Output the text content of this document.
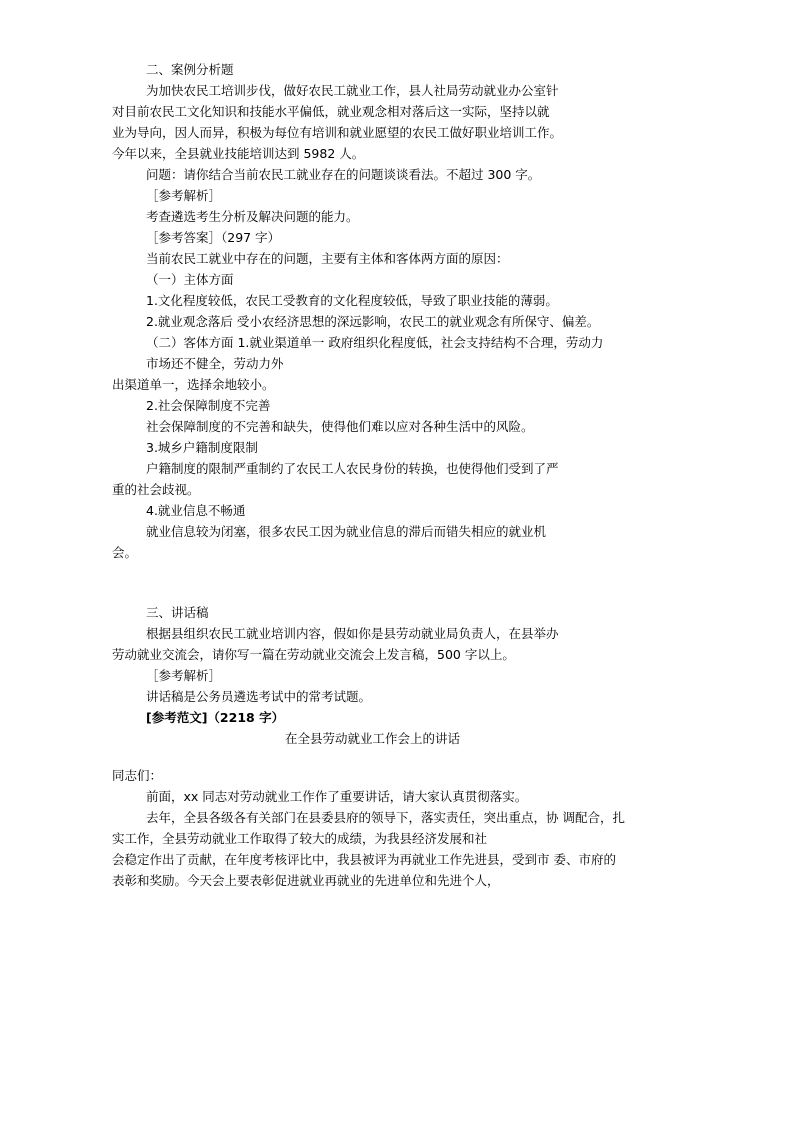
二、案例分析题

为加快农民工培训步伐，做好农民工就业工作，县人社局劳动就业办公室针

对目前农民工文化知识和技能水平偏低，就业观念相对落后这一实际，坚持以就

业为导向，因人而异，积极为每位有培训和就业愿望的农民工做好职业培训工作。

今年以来，全县就业技能培训达到 5982 人。

问题：请你结合当前农民工就业存在的问题谈谈看法。不超过 300 字。

［参考解析］

考查遴选考生分析及解决问题的能力。

［参考答案］（297 字）

当前农民工就业中存在的问题，主要有主体和客体两方面的原因：

（一）主体方面

1.文化程度较低，农民工受教育的文化程度较低，导致了职业技能的薄弱。

2.就业观念落后 受小农经济思想的深远影响，农民工的就业观念有所保守、偏差。

（二）客体方面 1.就业渠道单一 政府组织化程度低，社会支持结构不合理，劳动力

市场还不健全，劳动力外

出渠道单一，选择余地较小。

2.社会保障制度不完善

社会保障制度的不完善和缺失，使得他们难以应对各种生活中的风险。

3.城乡户籍制度限制

户籍制度的限制严重制约了农民工人农民身份的转换，也使得他们受到了严

重的社会歧视。

4.就业信息不畅通

就业信息较为闭塞，很多农民工因为就业信息的滞后而错失相应的就业机

会。

三、讲话稿

根据县组织农民工就业培训内容，假如你是县劳动就业局负责人，在县举办

劳动就业交流会，请你写一篇在劳动就业交流会上发言稿，500 字以上。

［参考解析］

讲话稿是公务员遴选考试中的常考试题。

[参考范文]（2218 字）

在全县劳动就业工作会上的讲话

同志们：

前面，xx 同志对劳动就业工作作了重要讲话，请大家认真贯彻落实。

去年，全县各级各有关部门在县委县府的领导下，落实责任，突出重点，协 调配合，扎

实工作，全县劳动就业工作取得了较大的成绩，为我县经济发展和社

会稳定作出了贡献，在年度考核评比中，我县被评为再就业工作先进县，受到市 委、市府的

表彰和奖励。今天会上要表彰促进就业再就业的先进单位和先进个人，
